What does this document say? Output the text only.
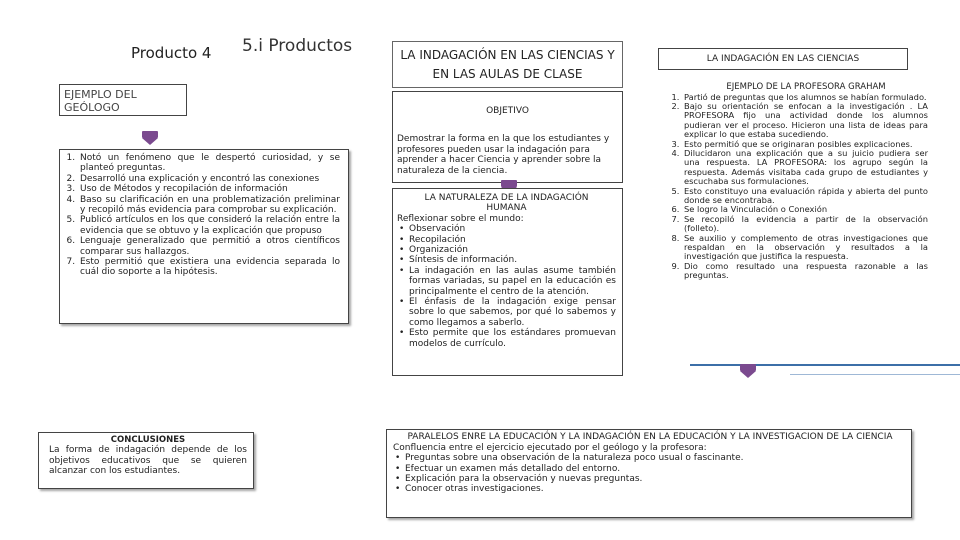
Producto 4 5.i Productos
EJEMPLO DEL GEÓLOGO
1. Notó un fenómeno que le despertó curiosidad, y se planteó preguntas.
2. Desarrolló una explicación y encontró las conexiones
3. Uso de Métodos y recopilación de información
4. Baso su clarificación en una problematización preliminar y recopiló más evidencia para comprobar su explicación.
5. Publicó artículos en los que consideró la relación entre la evidencia que se obtuvo y la explicación que propuso
6. Lenguaje generalizado que permitió a otros científicos comparar sus hallazgos.
7. Esto permitió que existiera una evidencia separada lo cuál dio soporte a la hipótesis.
CONCLUSIONES
La forma de indagación depende de los objetivos educativos que se quieren alcanzar con los estudiantes.
LA INDAGACIÓN EN LAS CIENCIAS Y EN LAS AULAS DE CLASE
OBJETIVO
Demostrar la forma en la que los estudiantes y profesores pueden usar la indagación para aprender a hacer Ciencia y aprender sobre la naturaleza de la ciencia.
LA NATURALEZA DE LA INDAGACIÓN HUMANA
Reflexionar sobre el mundo:
• Observación
• Recopilación
• Organización
• Síntesis de información.
• La indagación en las aulas asume también formas variadas, su papel en la educación es principalmente el centro de la atención.
• El énfasis de la indagación exige pensar sobre lo que sabemos, por qué lo sabemos y como llegamos a saberlo.
• Esto permite que los estándares promuevan modelos de currículo.
LA INDAGACIÓN EN LAS CIENCIAS
EJEMPLO DE LA PROFESORA GRAHAM
1. Partió de preguntas que los alumnos se habían formulado.
2. Bajo su orientación se enfocan a la investigación . LA PROFESORA fijo una actividad donde los alumnos pudieran ver el proceso. Hicieron una lista de ideas para explicar lo que estaba sucediendo.
3. Esto permitió que se originaran posibles explicaciones.
4. Dilucidaron una explicación que a su juicio pudiera ser una respuesta. LA PROFESORA: los agrupo según la respuesta. Además visitaba cada grupo de estudiantes y escuchaba sus formulaciones.
5. Esto constituyo una evaluación rápida y abierta del punto donde se encontraba.
6. Se logro la Vinculación o Conexión
7. Se recopiló la evidencia a partir de la observación (folleto).
8. Se auxilio y complemento de otras investigaciones que respaldan en la observación y resultados a la investigación que justifica la respuesta.
9. Dio como resultado una respuesta razonable a las preguntas.
PARALELOS ENRE LA EDUCACIÓN Y LA INDAGACIÓN EN LA EDUCACIÓN Y LA INVESTIGACION DE LA CIENCIA
Confluencia entre el ejercicio ejecutado por el geólogo y la profesora:
• Preguntas sobre una observación de la naturaleza poco usual o fascinante.
• Efectuar un examen más detallado del entorno.
• Explicación para la observación y nuevas preguntas.
• Conocer otras investigaciones.
